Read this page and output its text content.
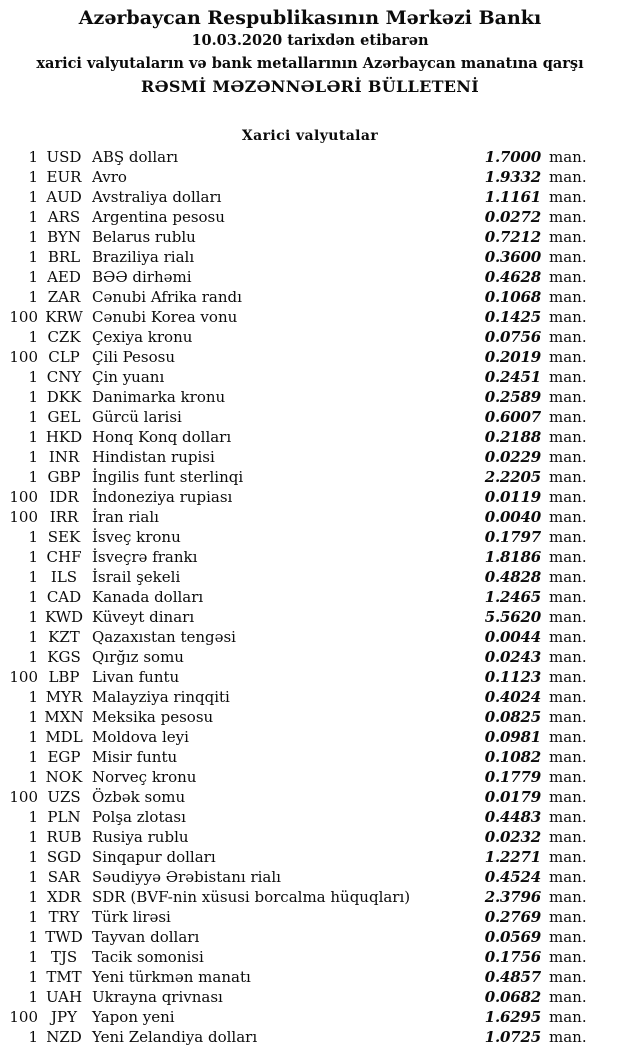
Azərbaycan Respublikasının Mərkəzi Bankı
10.03.2020 tarixdən etibarən
xarici valyutaların və bank metallarının Azərbaycan manatına qarşı
RƏSMİ MƏZƏNNƏLƏRİ BÜLLETENİ
Xarici valyutalar
1 USD ABŞ dolları	1.7000 man.
1 EUR Avro	1.9332 man.
1 AUD Avstraliya dolları	1.1161 man.
1 ARS Argentina pesosu	0.0272 man.
1 BYN Belarus rublu	0.7212 man.
1 BRL Braziliya rialı	0.3600 man.
1 AED BƏƏ dirhəmi	0.4628 man.
1 ZAR Cənubi Afrika randı	0.1068 man.
100 KRW Cənubi Korea vonu	0.1425 man.
1 CZK Çexiya kronu	0.0756 man.
100 CLP Çili Pesosu	0.2019 man.
1 CNY Çin yuanı	0.2451 man.
1 DKK Danimarka kronu	0.2589 man.
1 GEL Gürcü larisi	0.6007 man.
1 HKD Honq Konq dolları	0.2188 man.
1 INR Hindistan rupisi	0.0229 man.
1 GBP İngilis funt sterlinqi	2.2205 man.
100 IDR İndoneziya rupiası	0.0119 man.
100 IRR İran rialı	0.0040 man.
1 SEK İsveç kronu	0.1797 man.
1 CHF İsveçrə frankı	1.8186 man.
1 ILS İsrail şekeli	0.4828 man.
1 CAD Kanada dolları	1.2465 man.
1 KWD Küveyt dinarı	5.5620 man.
1 KZT Qazaxıstan tengəsi	0.0044 man.
1 KGS Qırğız somu	0.0243 man.
100 LBP Livan funtu	0.1123 man.
1 MYR Malayziya rinqqiti	0.4024 man.
1 MXN Meksika pesosu	0.0825 man.
1 MDL Moldova leyi	0.0981 man.
1 EGP Misir funtu	0.1082 man.
1 NOK Norveç kronu	0.1779 man.
100 UZS Özbək somu	0.0179 man.
1 PLN Polşa zlotası	0.4483 man.
1 RUB Rusiya rublu	0.0232 man.
1 SGD Sinqapur dolları	1.2271 man.
1 SAR Səudiyyə Ərəbistanı rialı	0.4524 man.
1 XDR SDR (BVF-nin xüsusi borcalma hüquqları)	2.3796 man.
1 TRY Türk lirəsi	0.2769 man.
1 TWD Tayvan dolları	0.0569 man.
1 TJS Tacik somonisi	0.1756 man.
1 TMT Yeni türkmən manatı	0.4857 man.
1 UAH Ukrayna qrivnası	0.0682 man.
100 JPY	Yapon yeni	1.6295 man.
1 NZD Yeni Zelandiya dolları	1.0725 man.
